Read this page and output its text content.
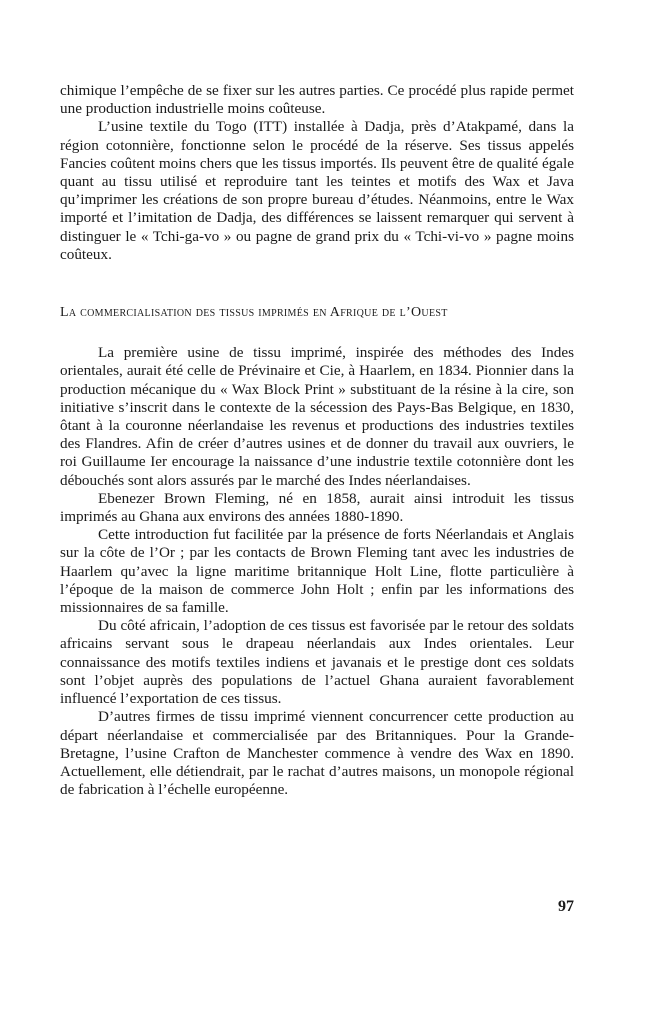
chimique l’empêche de se fixer sur les autres parties. Ce procédé plus rapide permet une production industrielle moins coûteuse.

L’usine textile du Togo (ITT) installée à Dadja, près d’Atakpamé, dans la région cotonnière, fonctionne selon le procédé de la réserve. Ses tissus appelés Fancies coûtent moins chers que les tissus importés. Ils peuvent être de qualité égale quant au tissu utilisé et reproduire tant les teintes et motifs des Wax et Java qu’imprimer les créations de son propre bureau d’études. Néanmoins, entre le Wax importé et l’imitation de Dadja, des différences se laissent remarquer qui servent à distinguer le « Tchi-ga-vo » ou pagne de grand prix du « Tchi-vi-vo » pagne moins coûteux.

La commercialisation des tissus imprimés en Afrique de l’Ouest

La première usine de tissu imprimé, inspirée des méthodes des Indes orientales, aurait été celle de Prévinaire et Cie, à Haarlem, en 1834. Pionnier dans la production mécanique du « Wax Block Print » substituant de la résine à la cire, son initiative s’inscrit dans le contexte de la sécession des Pays-Bas Belgique, en 1830, ôtant à la couronne néerlandaise les revenus et productions des industries textiles des Flandres. Afin de créer d’autres usines et de donner du travail aux ouvriers, le roi Guillaume Ier encourage la naissance d’une industrie textile cotonnière dont les débouchés sont alors assurés par le marché des Indes néerlandaises.

Ebenezer Brown Fleming, né en 1858, aurait ainsi introduit les tissus imprimés au Ghana aux environs des années 1880-1890.

Cette introduction fut facilitée par la présence de forts Néerlandais et Anglais sur la côte de l’Or ; par les contacts de Brown Fleming tant avec les industries de Haarlem qu’avec la ligne maritime britannique Holt Line, flotte particulière à l’époque de la maison de commerce John Holt ; enfin par les informations des missionnaires de sa famille.

Du côté africain, l’adoption de ces tissus est favorisée par le retour des soldats africains servant sous le drapeau néerlandais aux Indes orientales. Leur connaissance des motifs textiles indiens et javanais et le prestige dont ces soldats sont l’objet auprès des populations de l’actuel Ghana auraient favorablement influencé l’exportation de ces tissus.

D’autres firmes de tissu imprimé viennent concurrencer cette production au départ néerlandaise et commercialisée par des Britanniques. Pour la Grande-Bretagne, l’usine Crafton de Manchester commence à vendre des Wax en 1890. Actuellement, elle détiendrait, par le rachat d’autres maisons, un monopole régional de fabrication à l’échelle européenne.

97
